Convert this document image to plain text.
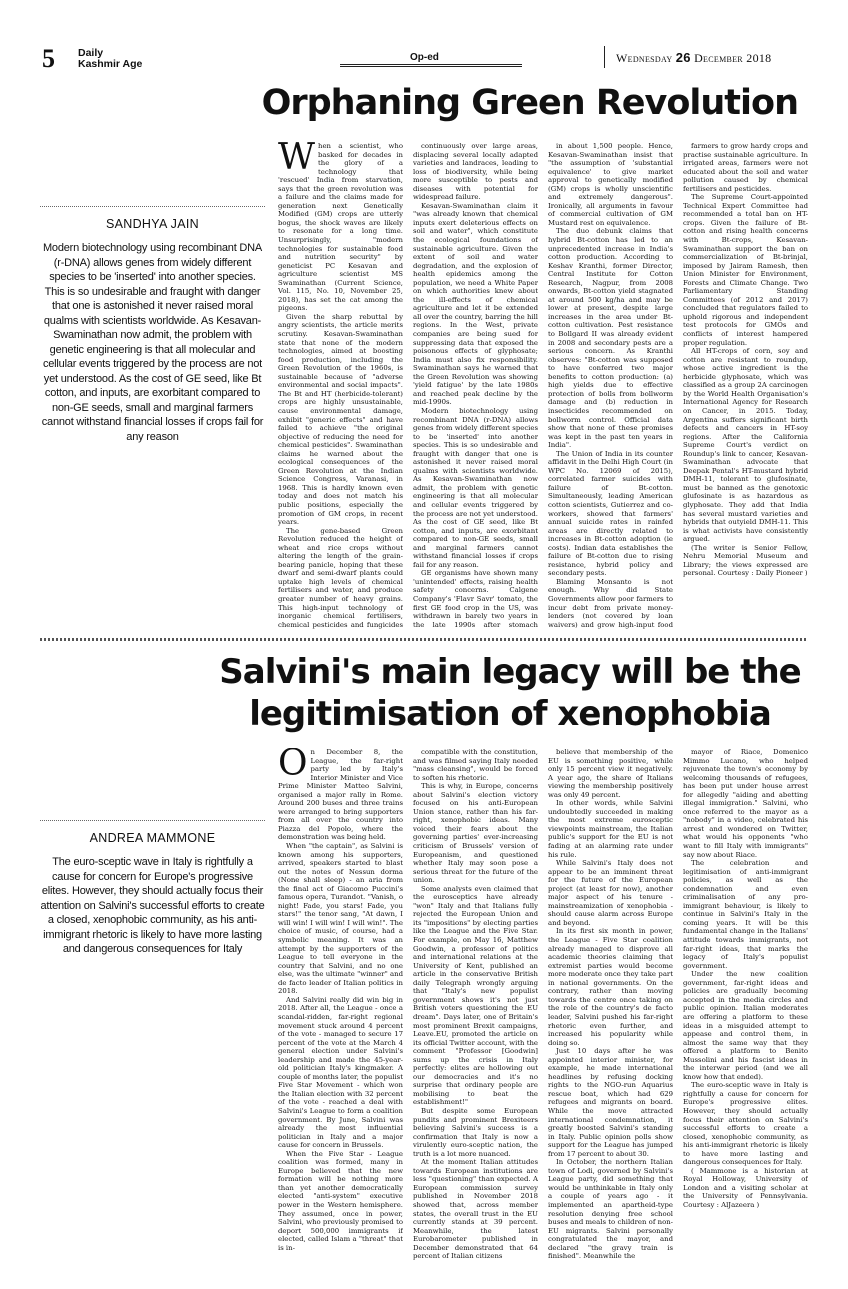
5 Daily
Kashmir Age
Op-ed	Wednesday 26 December 2018
Orphaning Green Revolution
SANDHYA JAIN
Modern biotechnology using recombinant DNA (r-DNA) allows genes from widely different species to be 'inserted' into another species. This is so undesirable and fraught with danger that one is astonished it never raised moral qualms with scientists worldwide. As Kesavan-Swaminathan now admit, the problem with genetic engineering is that all molecular and cellular events triggered by the process are not yet understood. As the cost of GE seed, like Bt cotton, and inputs, are exorbitant compared to non-GE seeds, small and marginal farmers cannot withstand financial losses if crops fail for any reason

When a scientist, who basked for decades in the glory of a technology that 'rescued' India from starvation, says that the green revolution was a failure and the claims made for generation next Genetically Modified (GM) crops are utterly bogus, the shock waves are likely to resonate for a long time. Unsurprisingly, "modern technologies for sustainable food and nutrition security" by geneticist PC Kesavan and agriculture scientist MS Swaminathan (Current Science, Vol. 115, No. 10, November 25, 2018), has set the cat among the pigeons.

Given the sharp rebuttal by angry scientists, the article merits scrutiny. Kesavan-Swaminathan state that none of the modern technologies, aimed at boosting food production, including the Green Revolution of the 1960s, is sustainable because of "adverse environmental and social impacts". The Bt and HT (herbicide-tolerant) crops are highly unsustainable, cause environmental damage, exhibit "generic effects" and have failed to achieve "the original objective of reducing the need for chemical pesticides". Swaminathan claims he warned about the ecological consequences of the Green Revolution at the Indian Science Congress, Varanasi, in 1968. This is hardly known even today and does not match his public positions, especially the promotion of GM crops, in recent years.

The gene-based Green Revolution reduced the height of wheat and rice crops without altering the length of the grain-bearing panicle, hoping that these dwarf and semi-dwarf plants could uptake high levels of chemical fertilisers and water, and produce greater number of heavy grains. This high-input technology of inorganic chemical fertilisers, chemical pesticides and fungicides

continuously over large areas, displacing several locally adapted varieties and landraces, leading to loss of biodiversity, while being more susceptible to pests and diseases with potential for widespread failure.

Kesavan-Swaminathan claim it "was already known that chemical inputs exert deleterious effects on soil and water", which constitute the ecological foundations of sustainable agriculture. Given the extent of soil and water degradation, and the explosion of health epidemics among the population, we need a White Paper on which authorities knew about the ill-effects of chemical agriculture and let it be extended all over the country, barring the hill regions. In the West, private companies are being sued for suppressing data that exposed the poisonous effects of glyphosate; India must also fix responsibility. Swaminathan says he warned that the Green Revolution was showing 'yield fatigue' by the late 1980s and reached peak decline by the mid-1990s.

Modern biotechnology using recombinant DNA (r-DNA) allows genes from widely different species to be 'inserted' into another species. This is so undesirable and fraught with danger that one is astonished it never raised moral qualms with scientists worldwide. As Kesavan-Swaminathan now admit, the problem with genetic engineering is that all molecular and cellular events triggered by the process are not yet understood. As the cost of GE seed, like Bt cotton, and inputs, are exorbitant compared to non-GE seeds, small and marginal farmers cannot withstand financial losses if crops fail for any reason.

GE organisms have shown many 'unintended' effects, raising health safety concerns. Calgene Company's 'Flavr Savr' tomato, the first GE food crop in the US, was withdrawn in barely two years in the late 1990s after stomach

in about 1,500 people. Hence, Kesavan-Swaminathan insist that "the assumption of 'substantial equivalence' to give market approval to genetically modified (GM) crops is wholly unscientific and extremely dangerous". Ironically, all arguments in favour of commercial cultivation of GM Mustard rest on equivalence.

The duo debunk claims that hybrid Bt-cotton has led to an unprecedented increase in India's cotton production. According to Keshav Kranthi, former Director, Central Institute for Cotton Research, Nagpur, from 2008 onwards, Bt-cotton yield stagnated at around 500 kg/ha and may be lower at present, despite large increases in the area under Bt-cotton cultivation. Pest resistance to Bollgard II was already evident in 2008 and secondary pests are a serious concern. As Kranthi observes: "Bt-cotton was supposed to have conferred two major benefits to cotton production: (a) high yields due to effective protection of bolls from bollworm damage and (b) reduction in insecticides recommended on bollworm control. Official data show that none of these promises was kept in the past ten years in India".

The Union of India in its counter affidavit in the Delhi High Court (in WPC No. 12069 of 2015), correlated farmer suicides with failure of Bt-cotton. Simultaneously, leading American cotton scientists, Gutierrez and co-workers, showed that farmers' annual suicide rates in rainfed areas are directly related to increases in Bt-cotton adoption (ie costs). Indian data establishes the failure of Bt-cotton due to rising resistance, hybrid policy and secondary pests.

Blaming Monsanto is not enough. Why did State Governments allow poor farmers to incur debt from private money-lenders (not covered by loan waivers) and grow high-input food

farmers to grow hardy crops and practise sustainable agriculture. In irrigated areas, farmers were not educated about the soil and water pollution caused by chemical fertilisers and pesticides.

The Supreme Court-appointed Technical Expert Committee had recommended a total ban on HT-crops. Given the failure of Bt-cotton and rising health concerns with Bt-crops, Kesavan-Swaminathan support the ban on commercialization of Bt-brinjal, imposed by Jairam Ramesh, then Union Minister for Environment, Forests and Climate Change. Two Parliamentary Standing Committees (of 2012 and 2017) concluded that regulators failed to uphold rigorous and independent test protocols for GMOs and conflicts of interest hampered proper regulation.

All HT-crops of corn, soy and cotton are resistant to roundup, whose active ingredient is the herbicide glyphosate, which was classified as a group 2A carcinogen by the World Health Organisation's International Agency for Research on Cancer, in 2015. Today, Argentina suffers significant birth defects and cancers in HT-soy regions. After the California Supreme Court's verdict on Roundup's link to cancer, Kesavan-Swaminathan advocate that Deepak Pental's HT-mustard hybrid DMH-11, tolerant to glufosinate, must be banned as the genotoxic glufosinate is as hazardous as glyphosate. They add that India has several mustard varieties and hybrids that outyield DMH-11. This is what activists have consistently argued.

(The writer is Senior Fellow, Nehru Memorial Museum and Library; the views expressed are personal. Courtesy : Daily Pioneer )

Salvini's main legacy will be the legitimisation of xenophobia
ANDREA MAMMONE
The euro-sceptic wave in Italy is rightfully a cause for concern for Europe's progressive elites. However, they should actually focus their attention on Salvini's successful efforts to create a closed, xenophobic community, as his anti-immigrant rhetoric is likely to have more lasting and dangerous consequences for Italy

On December 8, the League, the far-right party led by Italy's Interior Minister and Vice Prime Minister Matteo Salvini, organised a major rally in Rome. Around 200 buses and three trains were arranged to bring supporters from all over the country into Piazza del Popolo, where the demonstration was being held.

When "the captain", as Salvini is known among his supporters, arrived, speakers started to blast out the notes of Nessun dorma (None shall sleep) - an aria from the final act of Giacomo Puccini's famous opera, Turandot. "Vanish, o night! Fade, you stars! Fade, you stars!" the tenor sang, "At dawn, I will win! I will win! I will win!". The choice of music, of course, had a symbolic meaning. It was an attempt by the supporters of the League to tell everyone in the country that Salvini, and no one else, was the ultimate "winner" and de facto leader of Italian politics in 2018.

And Salvini really did win big in 2018. After all, the League - once a scandal-ridden, far-right regional movement stuck around 4 percent of the vote - managed to secure 17 percent of the vote at the March 4 general election under Salvini's leadership and made the 45-year-old politician Italy's kingmaker. A couple of months later, the populist Five Star Movement - which won the Italian election with 32 percent of the vote - reached a deal with Salvini's League to form a coalition government. By June, Salvini was already the most influential politician in Italy and a major cause for concern in Brussels.

When the Five Star - League coalition was formed, many in Europe believed that the new formation will be nothing more than yet another democratically elected "anti-system" executive power in the Western hemisphere. They assumed, once in power, Salvini, who previously promised to deport 500,000 immigrants if elected, called Islam a "threat" that is in-

compatible with the constitution, and was filmed saying Italy needed "mass cleansing", would be forced to soften his rhetoric.

This is why, in Europe, concerns about Salvini's election victory focused on his anti-European Union stance, rather than his far-right, xenophobic ideas. Many voiced their fears about the governing parties' ever-increasing criticism of Brussels' version of Europeanism, and questioned whether Italy may soon pose a serious threat for the future of the union.

Some analysts even claimed that the eurosceptics have already "won" Italy and that Italians fully rejected the European Union and its "impositions" by electing parties like the League and the Five Star. For example, on May 16, Matthew Goodwin, a professor of politics and international relations at the University of Kent, published an article in the conservative British daily Telegraph wrongly arguing that "Italy's new populist government shows it's not just British voters questioning the EU dream". Days later, one of Britain's most prominent Brexit campaigns, Leave.EU, promoted the article on its official Twitter account, with the comment "Professor [Goodwin] sums up the crisis in Italy perfectly: elites are hollowing out our democracies and it's no surprise that ordinary people are mobilising to beat the establishment!"

But despite some European pundits and prominent Brexiteers believing Salvini's success is a confirmation that Italy is now a virulently euro-sceptic nation, the truth is a lot more nuanced.

At the moment Italian attitudes towards European institutions are less "questioning" than expected. A European commission survey published in November 2018 showed that, across member states, the overall trust in the EU currently stands at 39 percent. Meanwhile, the latest Eurobarometer published in December demonstrated that 64 percent of Italian citizens

believe that membership of the EU is something positive, while only 15 percent view it negatively. A year ago, the share of Italians viewing the membership positively was only 49 percent.

In other words, while Salvini undoubtedly succeeded in making the most extreme eurosceptic viewpoints mainstream, the Italian public's support for the EU is not fading at an alarming rate under his rule.

While Salvini's Italy does not appear to be an imminent threat for the future of the European project (at least for now), another major aspect of his tenure - mainstreamization of xenophobia - should cause alarm across Europe and beyond.

In its first six month in power, the League - Five Star coalition already managed to disprove all academic theories claiming that extremist parties would become more moderate once they take part in national governments. On the contrary, rather than moving towards the centre once taking on the role of the country's de facto leader, Salvini pushed his far-right rhetoric even further, and increased his popularity while doing so.

Just 10 days after he was appointed interior minister, for example, he made international headlines by refusing docking rights to the NGO-run Aquarius rescue boat, which had 629 refugees and migrants on board. While the move attracted international condemnation, it greatly boosted Salvini's standing in Italy. Public opinion polls show support for the League has jumped from 17 percent to about 30.

In October, the northern Italian town of Lodi, governed by Salvini's League party, did something that would be unthinkable in Italy only a couple of years ago - it implemented an apartheid-type resolution denying free school buses and meals to children of non-EU migrants. Salvini personally congratulated the mayor, and declared "the gravy train is finished". Meanwhile the

mayor of Riace, Domenico Mimmo Lucano, who helped rejuvenate the town's economy by welcoming thousands of refugees, has been put under house arrest for allegedly "aiding and abetting illegal immigration." Salvini, who once referred to the mayor as a "nobody" in a video, celebrated his arrest and wondered on Twitter, what would his opponents "who want to fill Italy with immigrants" say now about Riace.

The celebration and legitimisation of anti-immigrant policies, as well as the condemnation and even criminalisation of any pro-immigrant behaviour, is likely to continue in Salvini's Italy in the coming years. It will be this fundamental change in the Italians' attitude towards immigrants, not far-right ideas, that marks the legacy of Italy's populist government.

Under the new coalition government, far-right ideas and policies are gradually becoming accepted in the media circles and public opinion. Italian moderates are offering a platform to these ideas in a misguided attempt to appease and control them, in almost the same way that they offered a platform to Benito Mussolini and his fascist ideas in the interwar period (and we all know how that ended).

The euro-sceptic wave in Italy is rightfully a cause for concern for Europe's progressive elites. However, they should actually focus their attention on Salvini's successful efforts to create a closed, xenophobic community, as his anti-immigrant rhetoric is likely to have more lasting and dangerous consequences for Italy.

( Mammone is a historian at Royal Holloway, University of London and a visiting scholar at the University of Pennsylvania. Courtesy : AlJazeera )
